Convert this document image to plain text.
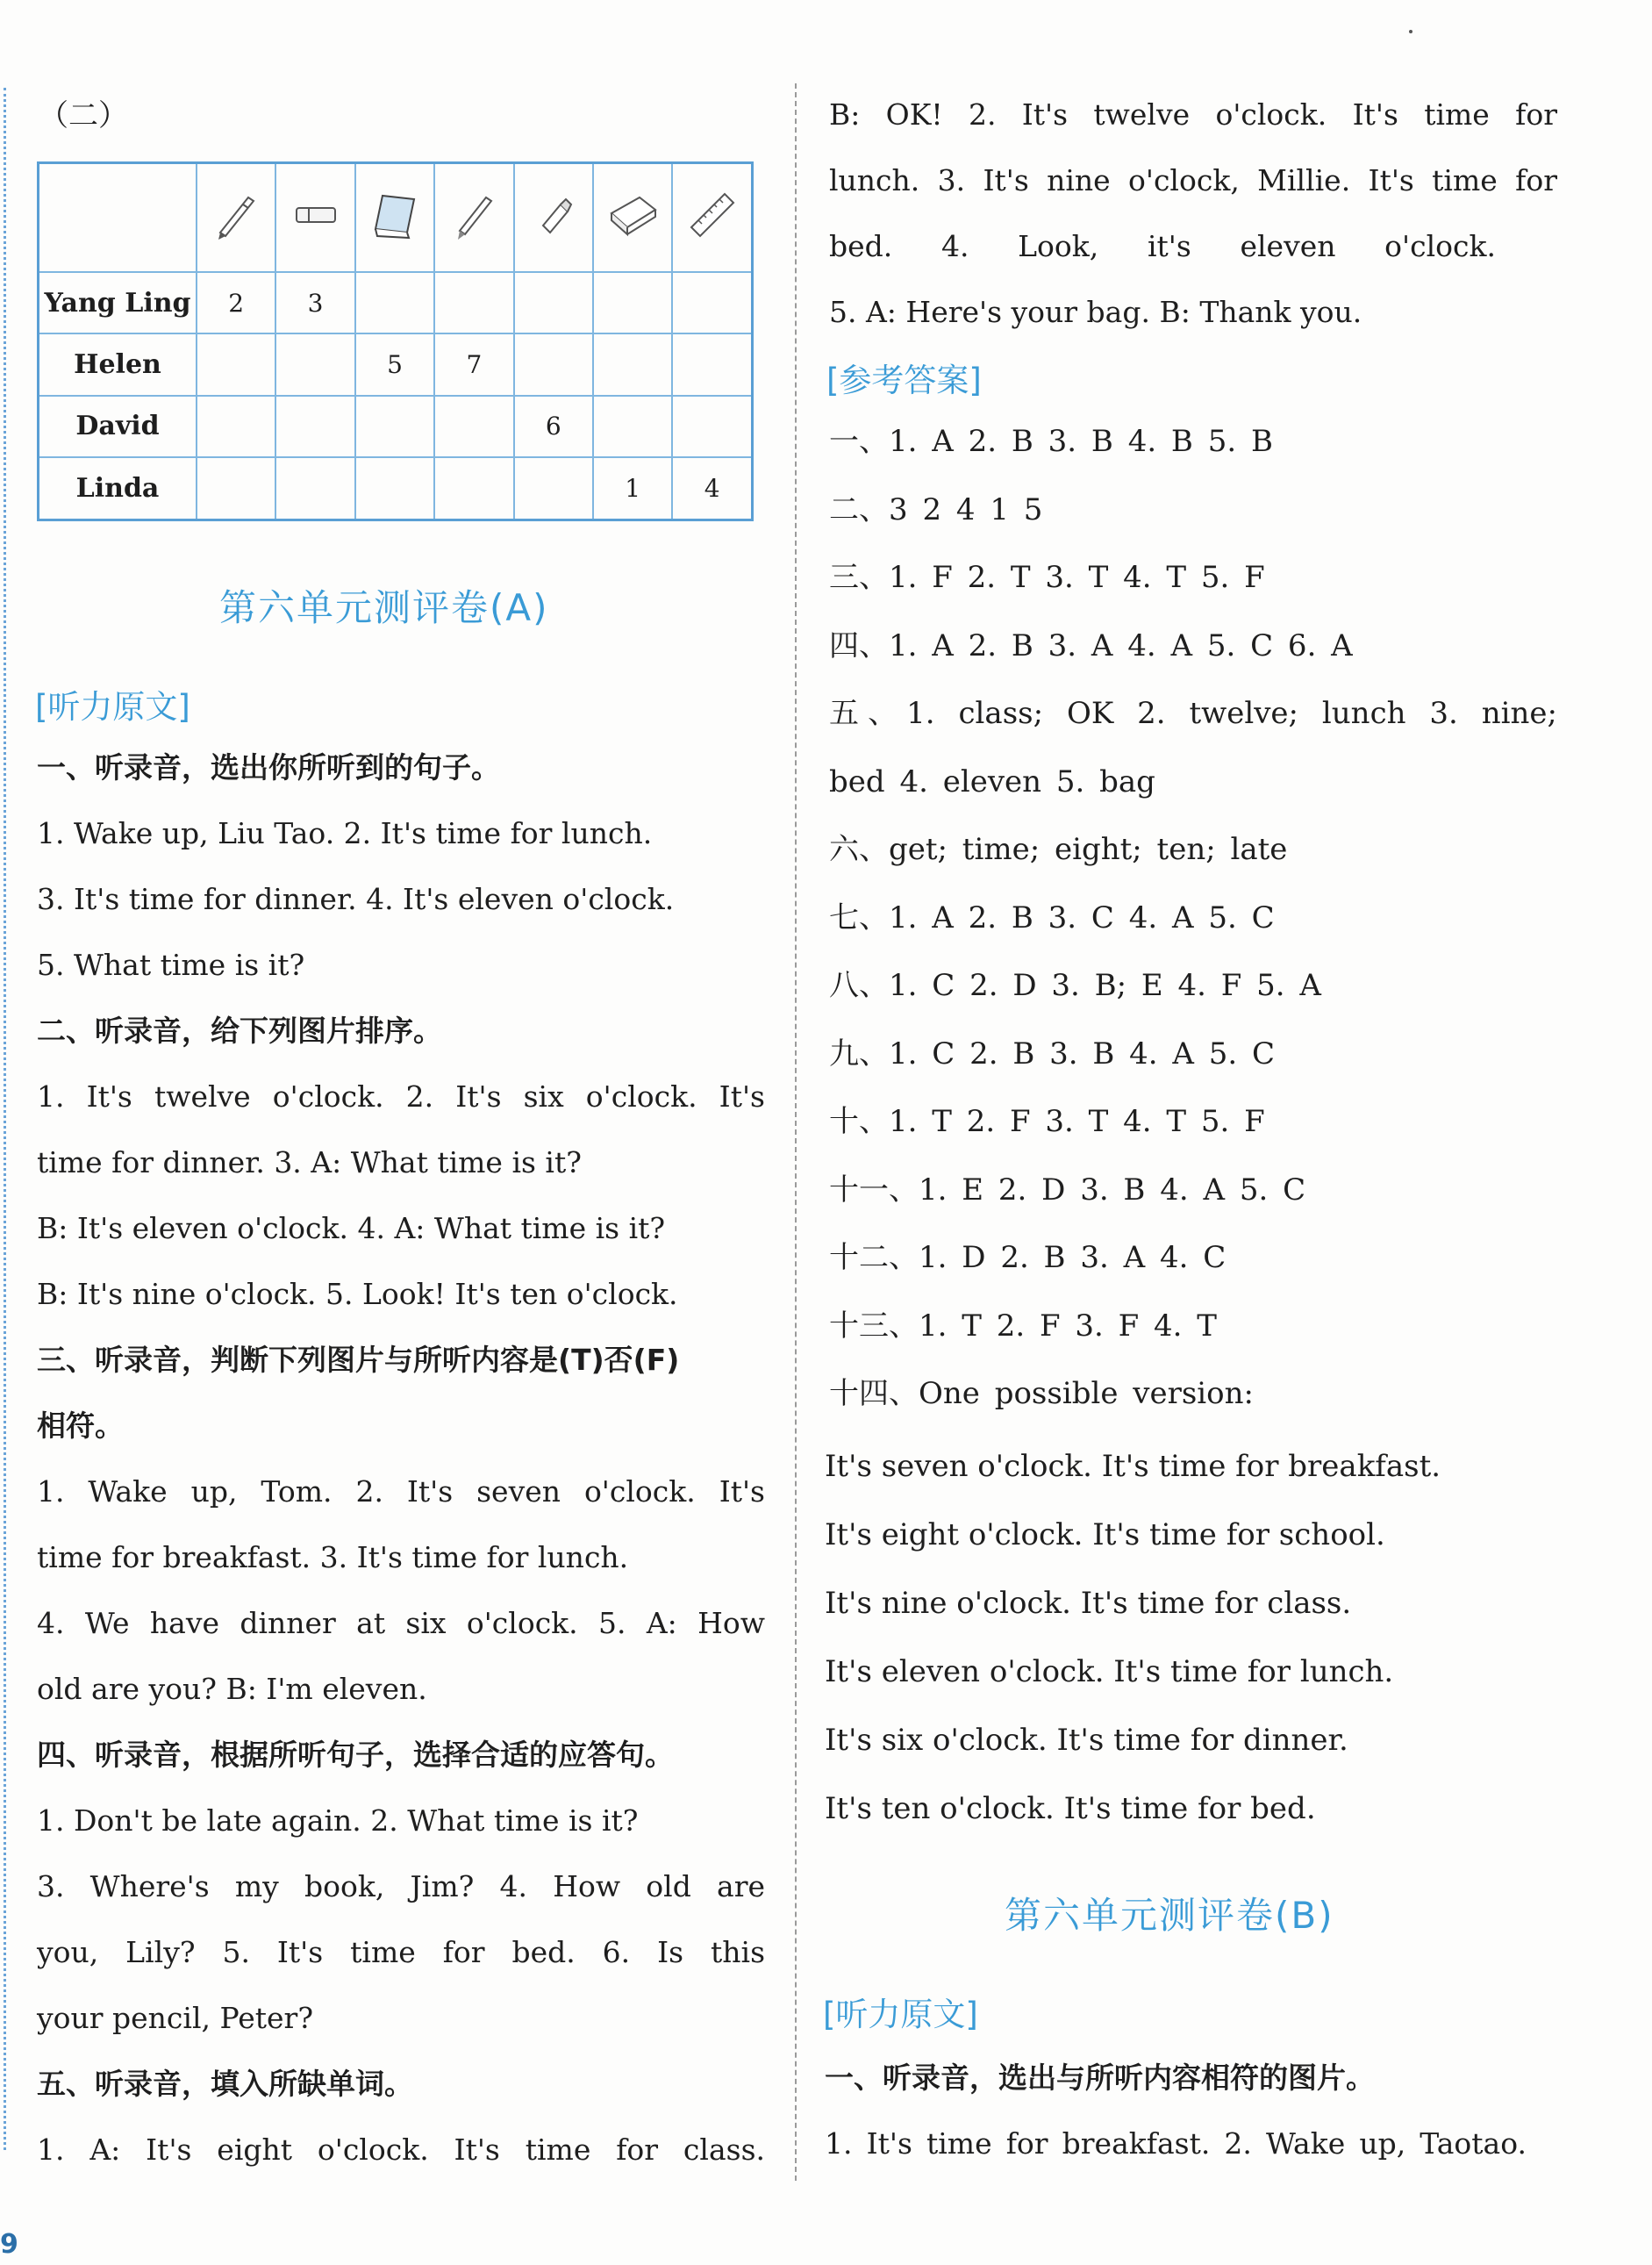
（二）

Yang Ling	2	3					
Helen			5	7			
David					6		
Linda						1	4
第六单元测评卷(A)
[听力原文]
一、听录音，选出你所听到的句子。
1. Wake up, Liu Tao. 2. It's time for lunch.
3. It's time for dinner. 4. It's eleven o'clock.
5. What time is it?
二、听录音，给下列图片排序。
1. It's twelve o'clock. 2. It's six o'clock. It's
time for dinner. 3. A: What time is it?
B: It's eleven o'clock. 4. A: What time is it?
B: It's nine o'clock. 5. Look! It's ten o'clock.
三、听录音，判断下列图片与所听内容是(T)否(F)
相符。
1. Wake up, Tom. 2. It's seven o'clock. It's
time for breakfast. 3. It's time for lunch.
4. We have dinner at six o'clock. 5. A: How
old are you? B: I'm eleven.
四、听录音，根据所听句子，选择合适的应答句。
1. Don't be late again. 2. What time is it?
3. Where's my book, Jim? 4. How old are
you, Lily? 5. It's time for bed. 6. Is this
your pencil, Peter?
五、听录音，填入所缺单词。
1. A: It's eight o'clock. It's time for class.
B: OK! 2. It's twelve o'clock. It's time for
lunch. 3. It's nine o'clock, Millie. It's time for
bed. 4. Look, it's eleven o'clock.
5. A: Here's your bag. B: Thank you.
[参考答案]
一、1. A 2. B 3. B 4. B 5. B
二、3 2 4 1 5
三、1. F 2. T 3. T 4. T 5. F
四、1. A 2. B 3. A 4. A 5. C 6. A
五、1. class; OK 2. twelve; lunch 3. nine;
bed 4. eleven 5. bag
六、get; time; eight; ten; late
七、1. A 2. B 3. C 4. A 5. C
八、1. C 2. D 3. B; E 4. F 5. A
九、1. C 2. B 3. B 4. A 5. C
十、1. T 2. F 3. T 4. T 5. F
十一、1. E 2. D 3. B 4. A 5. C
十二、1. D 2. B 3. A 4. C
十三、1. T 2. F 3. F 4. T
十四、One possible version:
It's seven o'clock. It's time for breakfast.
It's eight o'clock. It's time for school.
It's nine o'clock. It's time for class.
It's eleven o'clock. It's time for lunch.
It's six o'clock. It's time for dinner.
It's ten o'clock. It's time for bed.
第六单元测评卷(B)
[听力原文]
一、听录音，选出与所听内容相符的图片。
1. It's time for breakfast. 2. Wake up, Taotao.
9
